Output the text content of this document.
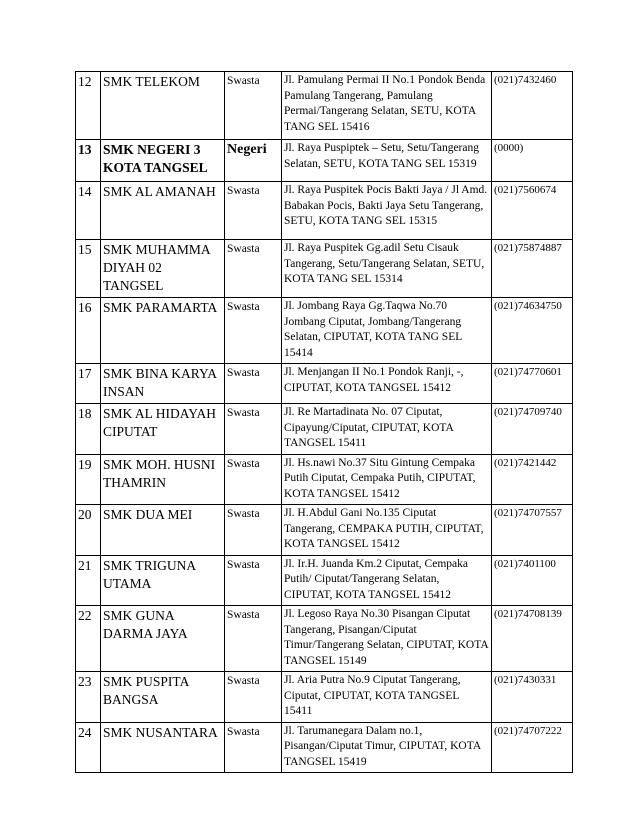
12	SMK TELEKOM	Swasta	Jl. Pamulang Permai II No.1 Pondok Benda Pamulang Tangerang, Pamulang Permai/Tangerang Selatan, SETU, KOTA TANG SEL 15416	(021)7432460
13	SMK NEGERI 3 KOTA TANGSEL	Negeri	Jl. Raya Puspiptek – Setu, Setu/Tangerang Selatan, SETU, KOTA TANG SEL 15319	(0000)
14	SMK AL AMANAH	Swasta	Jl. Raya Puspitek Pocis Bakti Jaya / Jl Amd. Babakan Pocis, Bakti Jaya Setu Tangerang, SETU, KOTA TANG SEL 15315	(021)7560674
15	SMK MUHAMMA DIYAH 02 TANGSEL	Swasta	Jl. Raya Puspitek Gg.adil Setu Cisauk Tangerang, Setu/Tangerang Selatan, SETU, KOTA TANG SEL 15314	(021)75874887
16	SMK PARAMARTA	Swasta	Jl. Jombang Raya Gg.Taqwa No.70 Jombang Ciputat, Jombang/Tangerang Selatan, CIPUTAT, KOTA TANG SEL 15414	(021)74634750
17	SMK BINA KARYA INSAN	Swasta	Jl. Menjangan II No.1 Pondok Ranji, -, CIPUTAT, KOTA TANGSEL 15412	(021)74770601
18	SMK AL HIDAYAH CIPUTAT	Swasta	Jl. Re Martadinata No. 07 Ciputat, Cipayung/Ciputat, CIPUTAT, KOTA TANGSEL 15411	(021)74709740
19	SMK MOH. HUSNI THAMRIN	Swasta	Jl. Hs.nawi No.37 Situ Gintung Cempaka Putih Ciputat, Cempaka Putih, CIPUTAT, KOTA TANGSEL 15412	(021)7421442
20	SMK DUA MEI	Swasta	Jl. H.Abdul Gani No.135 Ciputat Tangerang, CEMPAKA PUTIH, CIPUTAT, KOTA TANGSEL 15412	(021)74707557
21	SMK TRIGUNA UTAMA	Swasta	Jl. Ir.H. Juanda Km.2 Ciputat, Cempaka Putih/ Ciputat/Tangerang Selatan, CIPUTAT, KOTA TANGSEL 15412	(021)7401100
22	SMK GUNA DARMA JAYA	Swasta	Jl. Legoso Raya No.30 Pisangan Ciputat Tangerang, Pisangan/Ciputat Timur/Tangerang Selatan, CIPUTAT, KOTA TANGSEL 15149	(021)74708139
23	SMK PUSPITA BANGSA	Swasta	Jl. Aria Putra No.9 Ciputat Tangerang, Ciputat, CIPUTAT, KOTA TANGSEL 15411	(021)7430331
24	SMK NUSANTARA	Swasta	Jl. Tarumanegara Dalam no.1, Pisangan/Ciputat Timur, CIPUTAT, KOTA TANGSEL 15419	(021)74707222
